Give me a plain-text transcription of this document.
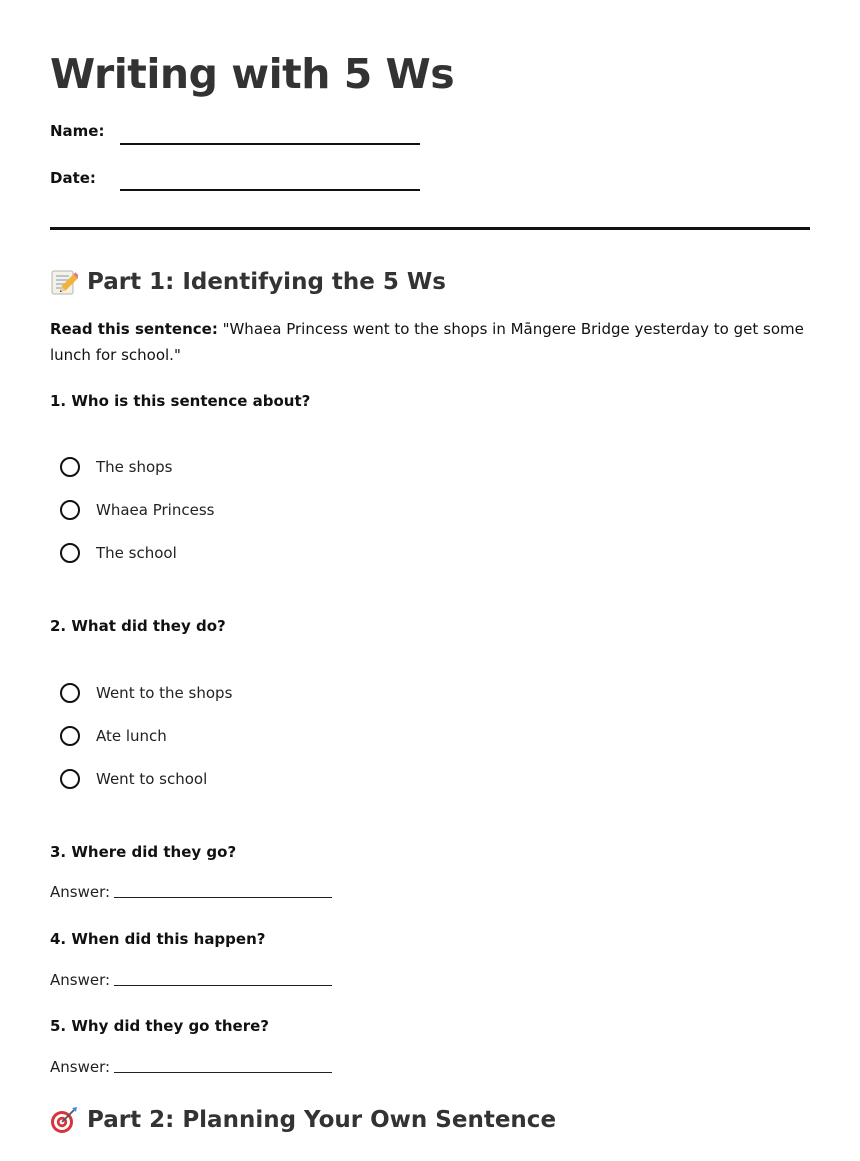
Writing with 5 Ws
Name:
Date:
Part 1: Identifying the 5 Ws

Read this sentence: "Whaea Princess went to the shops in Māngere Bridge yesterday to get some lunch for school."

1. Who is this sentence about?
The shops
Whaea Princess
The school
2. What did they do?
Went to the shops
Ate lunch
Went to school
3. Where did they go?
Answer:
4. When did this happen?
Answer:
5. Why did they go there?
Answer:
Part 2: Planning Your Own Sentence
